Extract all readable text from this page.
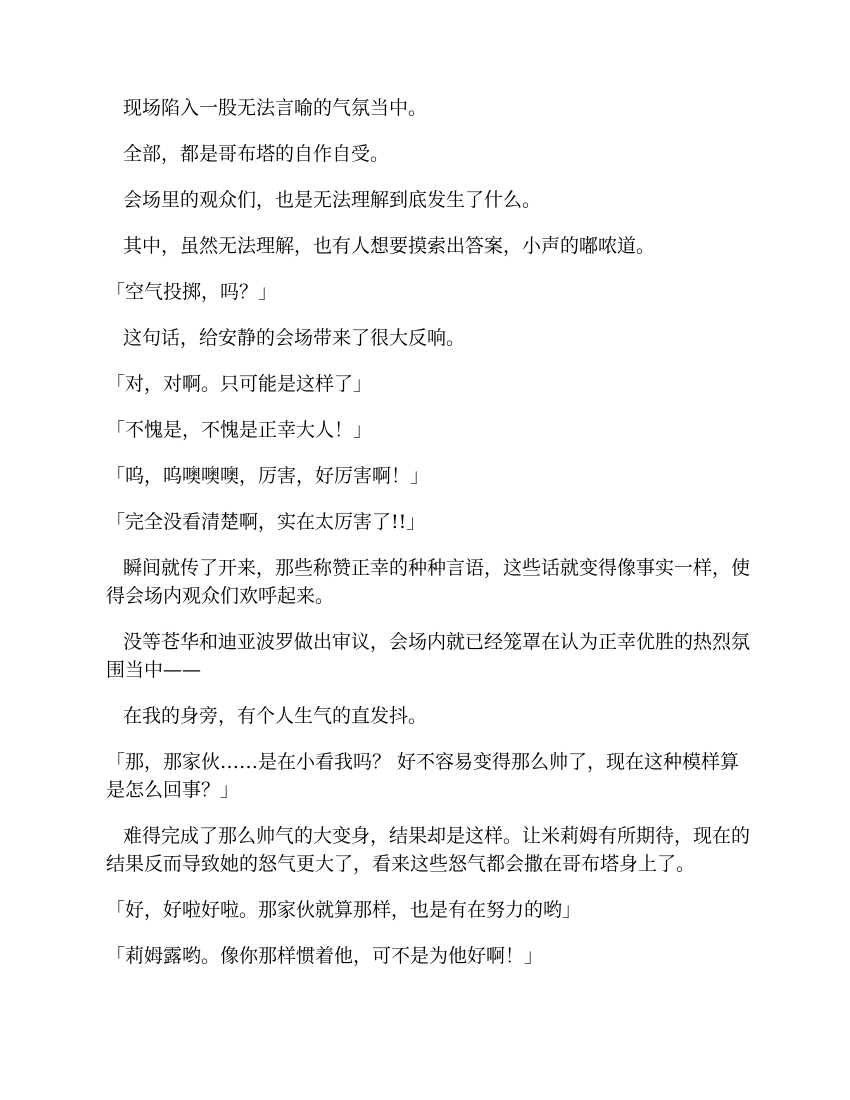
现场陷入一股无法言喻的气氛当中。

全部，都是哥布塔的自作自受。

会场里的观众们，也是无法理解到底发生了什么。

其中，虽然无法理解，也有人想要摸索出答案，小声的嘟哝道。

「空气投掷，吗？」

这句话，给安静的会场带来了很大反响。

「对，对啊。只可能是这样了」

「不愧是，不愧是正幸大人！」

「呜，呜噢噢噢，厉害，好厉害啊！」

「完全没看清楚啊，实在太厉害了!!」

瞬间就传了开来，那些称赞正幸的种种言语，这些话就变得像事实一样，使得会场内观众们欢呼起来。

没等苍华和迪亚波罗做出审议，会场内就已经笼罩在认为正幸优胜的热烈氛围当中——

在我的身旁，有个人生气的直发抖。

「那，那家伙……是在小看我吗？ 好不容易变得那么帅了，现在这种模样算是怎么回事？」

难得完成了那么帅气的大变身，结果却是这样。让米莉姆有所期待，现在的结果反而导致她的怒气更大了，看来这些怒气都会撒在哥布塔身上了。

「好，好啦好啦。那家伙就算那样，也是有在努力的哟」

「莉姆露哟。像你那样惯着他，可不是为他好啊！」
